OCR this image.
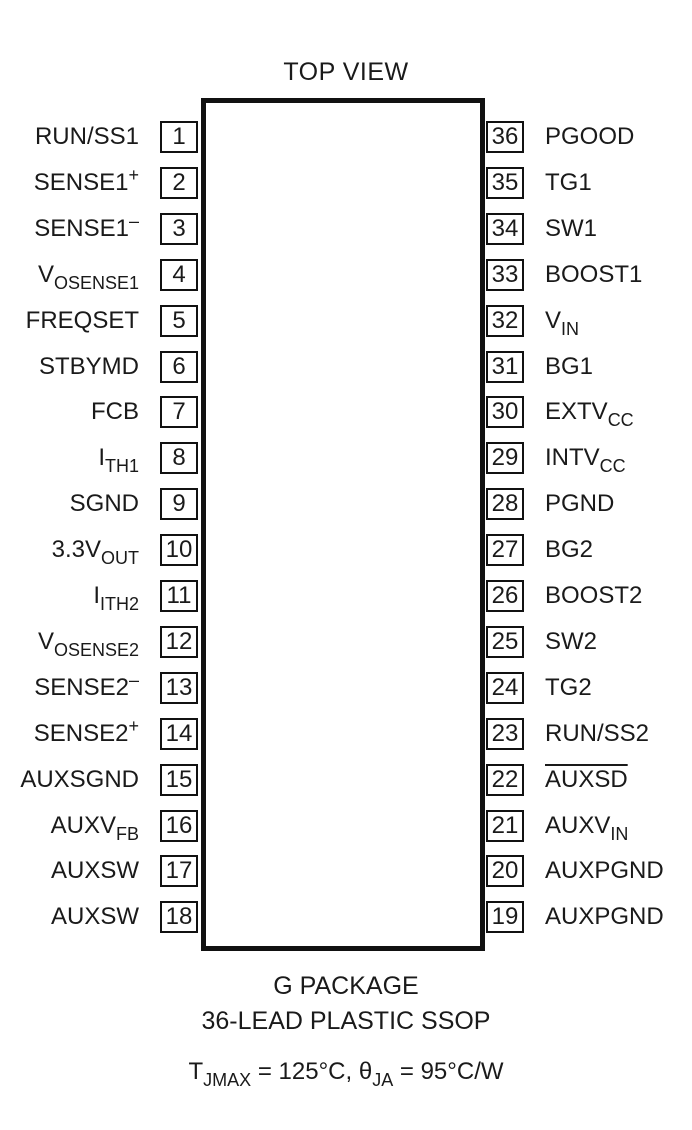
TOP VIEW
1
RUN/SS1
2
SENSE1+
3
SENSE1–
4
$V_{OSENSE1}$
5
FREQSET
6
STBYMD
7
FCB
8
$I_{TH1}$
9
SGND
10
$3.3V_{OUT}$
11
$I_{ITH2}$
12
$V_{OSENSE2}$
13
SENSE2–
14
SENSE2+
15
AUXSGND
16
$AUXV_{FB}$
17
AUXSW
18
AUXSW
36 PGOOD
35 TG1
34 SW1
33 BOOST1
32 $V_{IN}$
31 BG1
30 $EXTV_{CC}$
29 $INTV_{CC}$
28 PGND
27 BG2
26 BOOST2
25 SW2
24 TG2
23 RUN/SS2
22 AUXSD
21 $AUXV_{IN}$
20 AUXPGND
19 AUXPGND
G PACKAGE
36-LEAD PLASTIC SSOP
$T_{JMAX} = 125^\circ C$, $\theta_{JA} = 95^\circ C/W$
